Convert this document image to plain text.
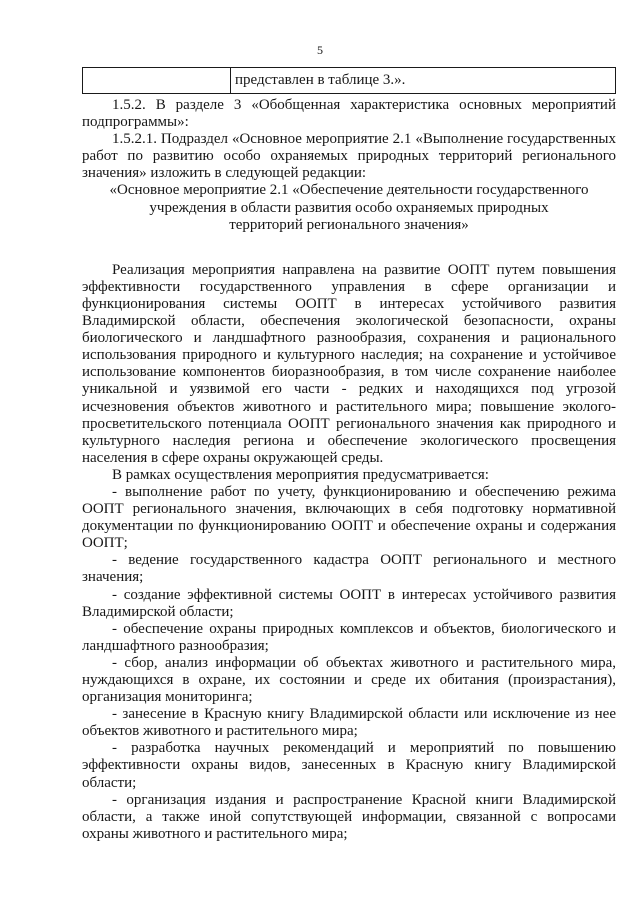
5
представлен в таблице 3.».

1.5.2. В разделе 3 «Обобщенная характеристика основных мероприятий подпрограммы»:

1.5.2.1. Подраздел «Основное мероприятие 2.1 «Выполнение государственных работ по развитию особо охраняемых природных территорий регионального значения» изложить в следующей редакции:

«Основное мероприятие 2.1 «Обеспечение деятельности государственного

учреждения в области развития особо охраняемых природных

территорий регионального значения»

Реализация мероприятия направлена на развитие ООПТ путем повышения эффективности государственного управления в сфере организации и функционирования системы ООПТ в интересах устойчивого развития Владимирской области, обеспечения экологической безопасности, охраны биологического и ландшафтного разнообразия, сохранения и рационального использования природного и культурного наследия; на сохранение и устойчивое использование компонентов биоразнообразия, в том числе сохранение наиболее уникальной и уязвимой его части - редких и находящихся под угрозой исчезновения объектов животного и растительного мира; повышение эколого-просветительского потенциала ООПТ регионального значения как природного и культурного наследия региона и обеспечение экологического просвещения населения в сфере охраны окружающей среды.

В рамках осуществления мероприятия предусматривается:

- выполнение работ по учету, функционированию и обеспечению режима ООПТ регионального значения, включающих в себя подготовку нормативной документации по функционированию ООПТ и обеспечение охраны и содержания ООПТ;

- ведение государственного кадастра ООПТ регионального и местного значения;

- создание эффективной системы ООПТ в интересах устойчивого развития Владимирской области;

- обеспечение охраны природных комплексов и объектов, биологического и ландшафтного разнообразия;

- сбор, анализ информации об объектах животного и растительного мира, нуждающихся в охране, их состоянии и среде их обитания (произрастания), организация мониторинга;

- занесение в Красную книгу Владимирской области или исключение из нее объектов животного и растительного мира;

- разработка научных рекомендаций и мероприятий по повышению эффективности охраны видов, занесенных в Красную книгу Владимирской области;

- организация издания и распространение Красной книги Владимирской области, а также иной сопутствующей информации, связанной с вопросами охраны животного и растительного мира;
